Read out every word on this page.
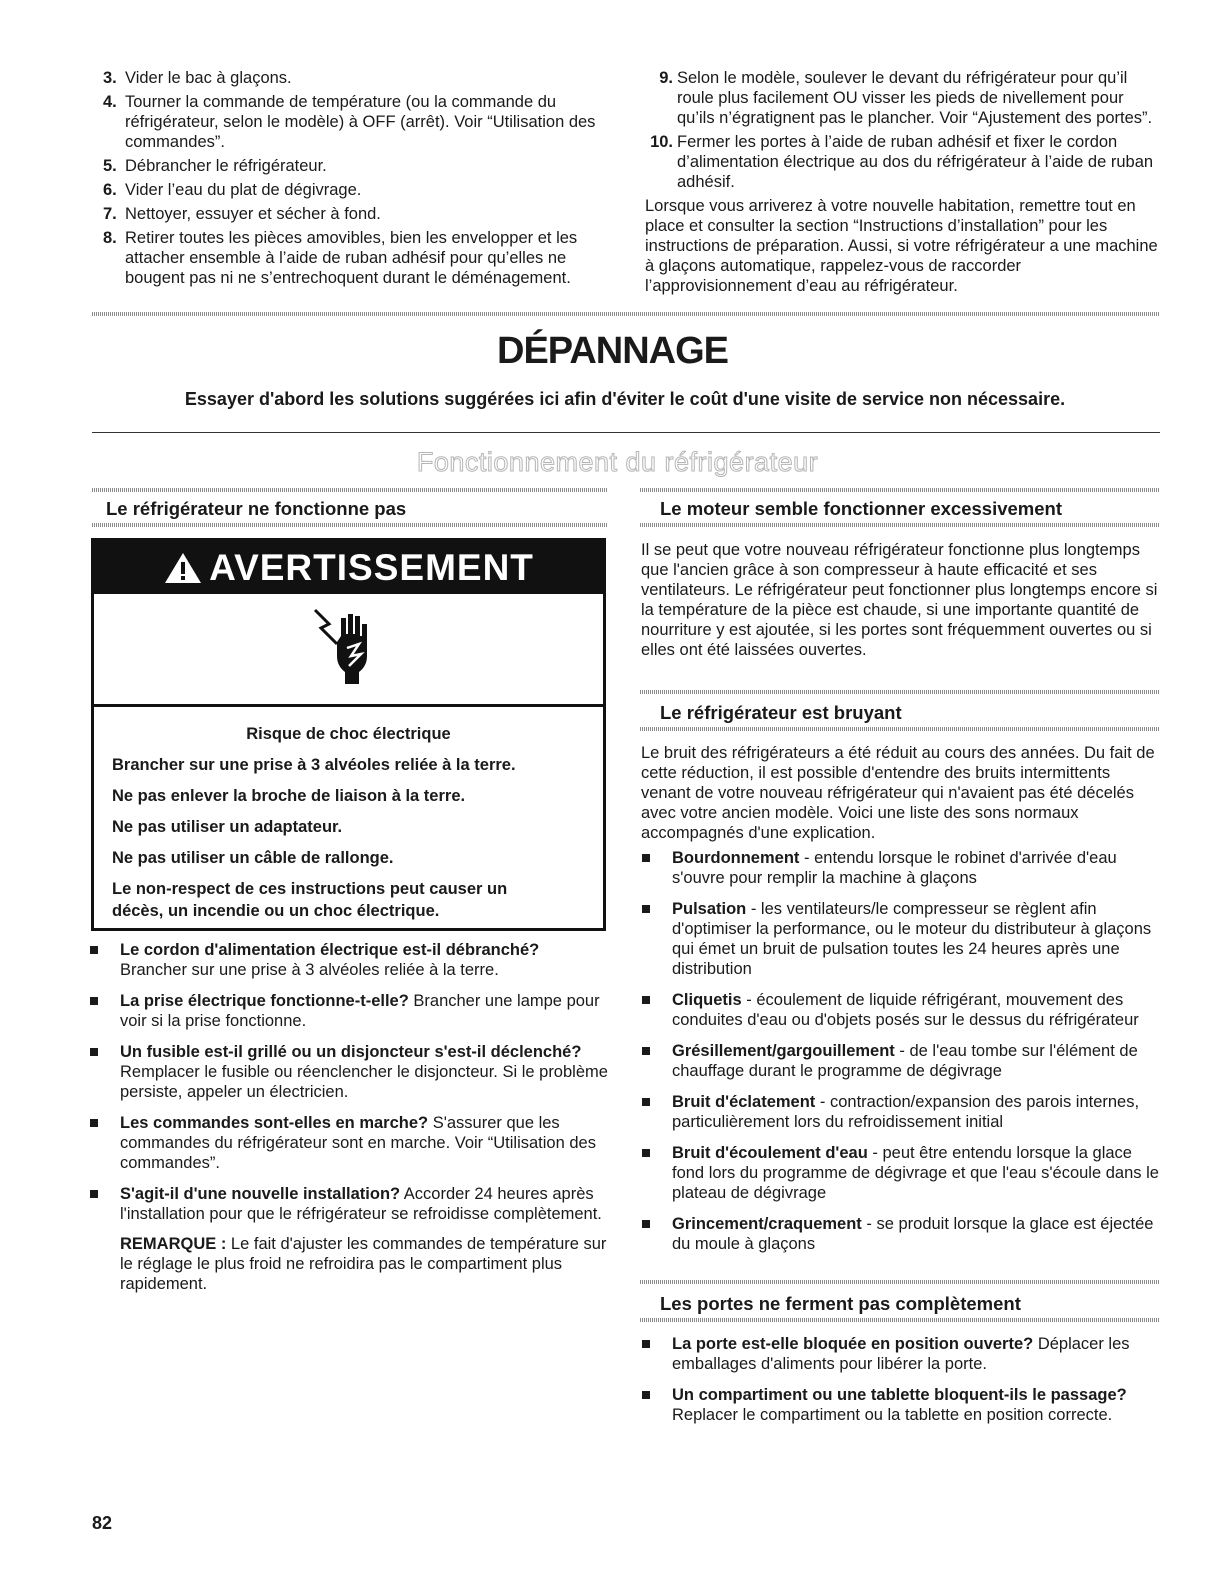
3. Vider le bac à glaçons.
4. Tourner la commande de température (ou la commande du réfrigérateur, selon le modèle) à OFF (arrêt). Voir “Utilisation des commandes”.
5. Débrancher le réfrigérateur.
6. Vider l’eau du plat de dégivrage.
7. Nettoyer, essuyer et sécher à fond.
8. Retirer toutes les pièces amovibles, bien les envelopper et les attacher ensemble à l’aide de ruban adhésif pour qu’elles ne bougent pas ni ne s’entrechoquent durant le déménagement.
9. Selon le modèle, soulever le devant du réfrigérateur pour qu’il roule plus facilement OU visser les pieds de nivellement pour qu’ils n’égratignent pas le plancher. Voir “Ajustement des portes”.
10. Fermer les portes à l’aide de ruban adhésif et fixer le cordon d’alimentation électrique au dos du réfrigérateur à l’aide de ruban adhésif.
Lorsque vous arriverez à votre nouvelle habitation, remettre tout en place et consulter la section “Instructions d’installation” pour les instructions de préparation. Aussi, si votre réfrigérateur a une machine à glaçons automatique, rappelez-vous de raccorder l’approvisionnement d’eau au réfrigérateur.
DÉPANNAGE
Essayer d'abord les solutions suggérées ici afin d'éviter le coût d'une visite de service non nécessaire.
Fonctionnement du réfrigérateur
Le réfrigérateur ne fonctionne pas
AVERTISSEMENT
Risque de choc électrique
Brancher sur une prise à 3 alvéoles reliée à la terre.
Ne pas enlever la broche de liaison à la terre.
Ne pas utiliser un adaptateur.
Ne pas utiliser un câble de rallonge.
Le non-respect de ces instructions peut causer un décès, un incendie ou un choc électrique.
Le cordon d'alimentation électrique est-il débranché? Brancher sur une prise à 3 alvéoles reliée à la terre.
La prise électrique fonctionne-t-elle? Brancher une lampe pour voir si la prise fonctionne.
Un fusible est-il grillé ou un disjoncteur s'est-il déclenché? Remplacer le fusible ou réenclencher le disjoncteur. Si le problème persiste, appeler un électricien.
Les commandes sont-elles en marche? S'assurer que les commandes du réfrigérateur sont en marche. Voir “Utilisation des commandes”.
S'agit-il d'une nouvelle installation? Accorder 24 heures après l'installation pour que le réfrigérateur se refroidisse complètement.
REMARQUE : Le fait d'ajuster les commandes de température sur le réglage le plus froid ne refroidira pas le compartiment plus rapidement.
Le moteur semble fonctionner excessivement
Il se peut que votre nouveau réfrigérateur fonctionne plus longtemps que l'ancien grâce à son compresseur à haute efficacité et ses ventilateurs. Le réfrigérateur peut fonctionner plus longtemps encore si la température de la pièce est chaude, si une importante quantité de nourriture y est ajoutée, si les portes sont fréquemment ouvertes ou si elles ont été laissées ouvertes.
Le réfrigérateur est bruyant
Le bruit des réfrigérateurs a été réduit au cours des années. Du fait de cette réduction, il est possible d'entendre des bruits intermittents venant de votre nouveau réfrigérateur qui n'avaient pas été décelés avec votre ancien modèle. Voici une liste des sons normaux accompagnés d'une explication.
Bourdonnement - entendu lorsque le robinet d'arrivée d'eau s'ouvre pour remplir la machine à glaçons
Pulsation - les ventilateurs/le compresseur se règlent afin d'optimiser la performance, ou le moteur du distributeur à glaçons qui émet un bruit de pulsation toutes les 24 heures après une distribution
Cliquetis - écoulement de liquide réfrigérant, mouvement des conduites d'eau ou d'objets posés sur le dessus du réfrigérateur
Grésillement/gargouillement - de l'eau tombe sur l'élément de chauffage durant le programme de dégivrage
Bruit d'éclatement - contraction/expansion des parois internes, particulièrement lors du refroidissement initial
Bruit d'écoulement d'eau - peut être entendu lorsque la glace fond lors du programme de dégivrage et que l'eau s'écoule dans le plateau de dégivrage
Grincement/craquement - se produit lorsque la glace est éjectée du moule à glaçons
Les portes ne ferment pas complètement
La porte est-elle bloquée en position ouverte? Déplacer les emballages d'aliments pour libérer la porte.
Un compartiment ou une tablette bloquent-ils le passage? Replacer le compartiment ou la tablette en position correcte.
82
